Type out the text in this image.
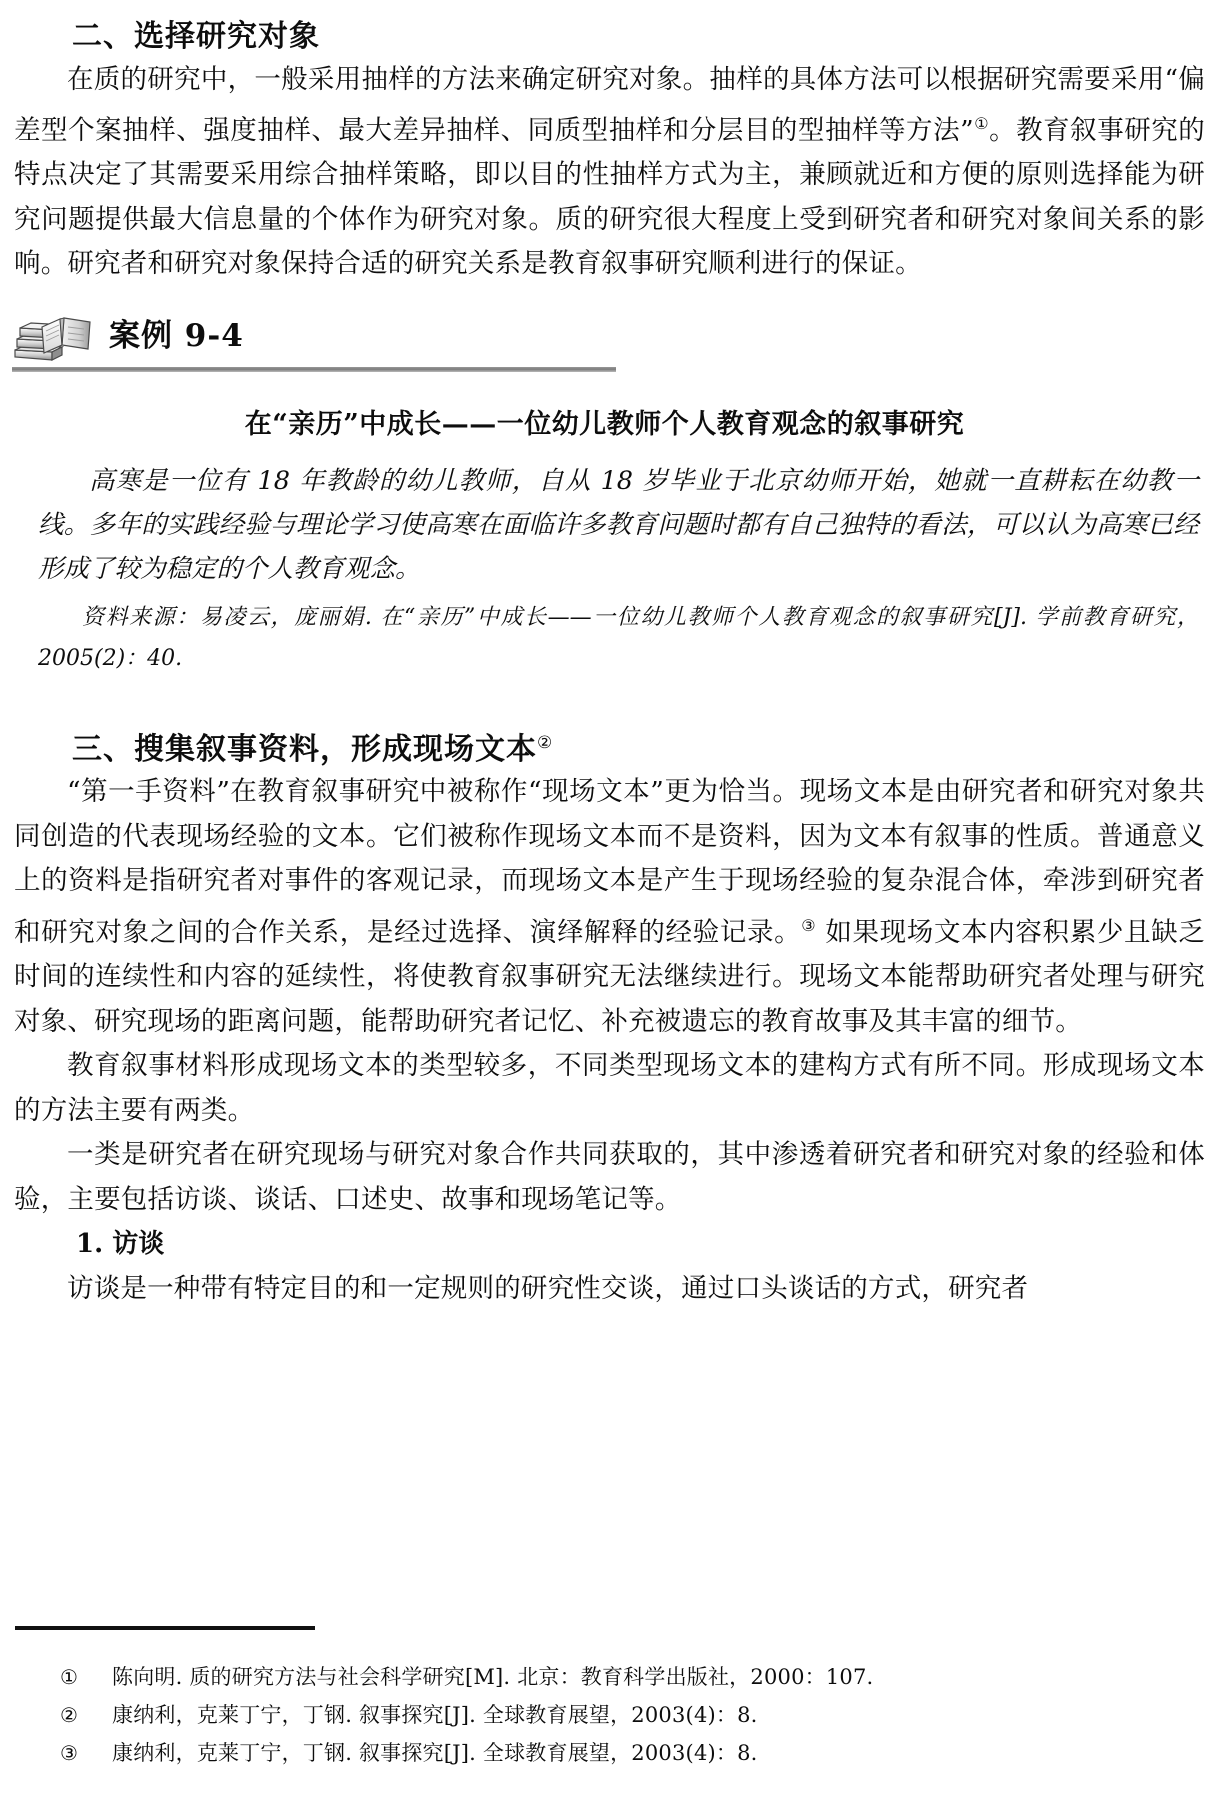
二、选择研究对象

在质的研究中，一般采用抽样的方法来确定研究对象。抽样的具体方法可以根据研究需要采用“偏差型个案抽样、强度抽样、最大差异抽样、同质型抽样和分层目的型抽样等方法”①。教育叙事研究的特点决定了其需要采用综合抽样策略，即以目的性抽样方式为主，兼顾就近和方便的原则选择能为研究问题提供最大信息量的个体作为研究对象。质的研究很大程度上受到研究者和研究对象间关系的影响。研究者和研究对象保持合适的研究关系是教育叙事研究顺利进行的保证。

案例 9-4

在“亲历”中成长——一位幼儿教师个人教育观念的叙事研究

高寒是一位有 18 年教龄的幼儿教师，自从 18 岁毕业于北京幼师开始，她就一直耕耘在幼教一线。多年的实践经验与理论学习使高寒在面临许多教育问题时都有自己独特的看法，可以认为高寒已经形成了较为稳定的个人教育观念。

资料来源：易凌云，庞丽娟. 在“亲历”中成长——一位幼儿教师个人教育观念的叙事研究[J]. 学前教育研究，2005(2)：40.

三、搜集叙事资料，形成现场文本②

“第一手资料”在教育叙事研究中被称作“现场文本”更为恰当。现场文本是由研究者和研究对象共同创造的代表现场经验的文本。它们被称作现场文本而不是资料，因为文本有叙事的性质。普通意义上的资料是指研究者对事件的客观记录，而现场文本是产生于现场经验的复杂混合体，牵涉到研究者和研究对象之间的合作关系，是经过选择、演绎解释的经验记录。③ 如果现场文本内容积累少且缺乏时间的连续性和内容的延续性，将使教育叙事研究无法继续进行。现场文本能帮助研究者处理与研究对象、研究现场的距离问题，能帮助研究者记忆、补充被遗忘的教育故事及其丰富的细节。

教育叙事材料形成现场文本的类型较多，不同类型现场文本的建构方式有所不同。形成现场文本的方法主要有两类。

一类是研究者在研究现场与研究对象合作共同获取的，其中渗透着研究者和研究对象的经验和体验，主要包括访谈、谈话、口述史、故事和现场笔记等。

1. 访谈

访谈是一种带有特定目的和一定规则的研究性交谈，通过口头谈话的方式，研究者

①	陈向明. 质的研究方法与社会科学研究[M]. 北京：教育科学出版社，2000：107.
②	康纳利，克莱丁宁，丁钢. 叙事探究[J]. 全球教育展望，2003(4)：8.
③	康纳利，克莱丁宁，丁钢. 叙事探究[J]. 全球教育展望，2003(4)：8.
